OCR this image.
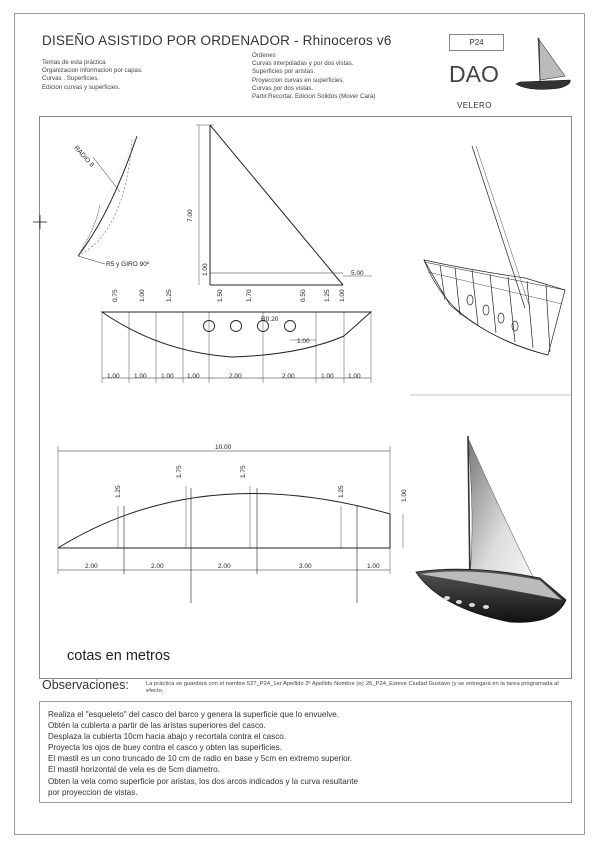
DISEÑO ASISTIDO POR ORDENADOR - Rhinoceros v6
Temas de esta práctica
Organizacion informacion por capas.
Curvas . Superficies.
Edicion curvas y superficies.
Órdenes
Curvas interpoladas y por dos vistas.
Superficies por aristas.
Proyeccion curvas en superficies.
Curvas por dos vistas.
Partir.Recortar. Edicion Solidos (Mover Cara)
P24
DAO
VELERO
RADIO 8
R5 y GIRO 90º
7.00
1.00	5.00
0.75	1.00	1.25	1.50	1.70	0.50	1.25 1.00
R0.20
1.00
1.00 1.00 1.00 1.00	2.00	2.00	1.00 1.00
10.00
1.25
1.75	1.75
1.25	1.00
2.00	2.00	2.00	3.00	1.00
cotas en metros
Observaciones:	La práctica se guardará con el nombre 52?_P24_1er Apellido 2º Apellido Nombre (ej: 26_P24_Esteve Ciudad Gustavo )y se entregará en la tarea programada al efecto.
Realiza el "esqueleto" del casco del barco y genera la superficie que lo envuelve.
Obtén la cublerta a partir de las aristas superiores del casco.
Desplaza la cubierta 10cm hacia abajo y recortala contra el casco.
Proyecta los ojos de buey contra el casco y obten las superficies.
El mastil es un cono truncado de 10 cm de radio en base y 5cm en extremo superior.
El mastil horizontal de vela es de 5cm diametro.
Obten la vela como superficie por aristas, los dos arcos indicados y la curva resultante
por proyeccion de vistas.
